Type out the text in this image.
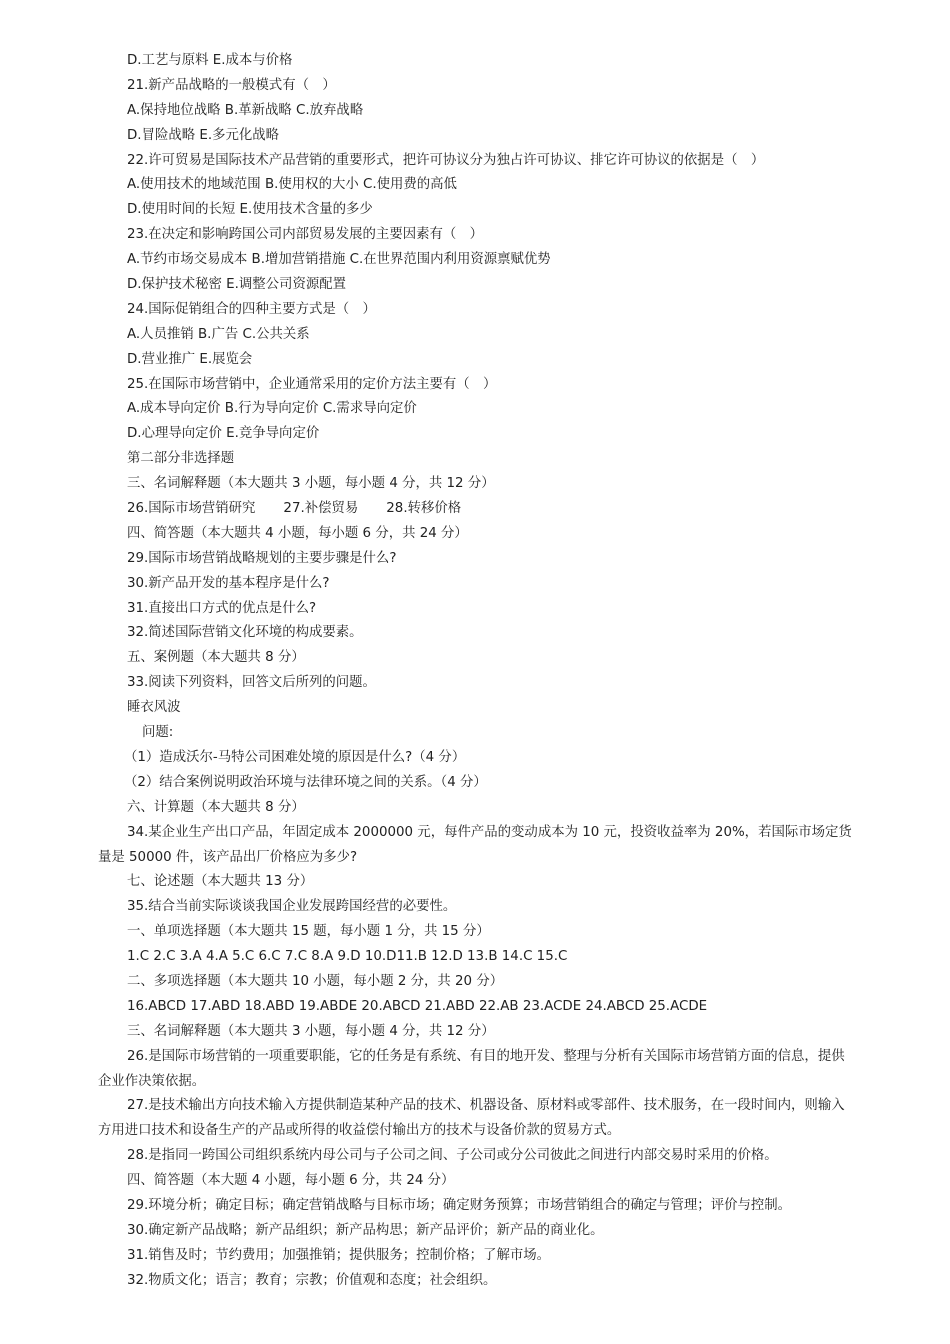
D.工艺与原料 E.成本与价格
21.新产品战略的一般模式有（　）
A.保持地位战略 B.革新战略 C.放弃战略
D.冒险战略 E.多元化战略
22.许可贸易是国际技术产品营销的重要形式，把许可协议分为独占许可协议、排它许可协议的依据是（　）
A.使用技术的地域范围 B.使用权的大小 C.使用费的高低
D.使用时间的长短 E.使用技术含量的多少
23.在决定和影响跨国公司内部贸易发展的主要因素有（　）
A.节约市场交易成本 B.增加营销措施 C.在世界范围内利用资源禀赋优势
D.保护技术秘密 E.调整公司资源配置
24.国际促销组合的四种主要方式是（　）
A.人员推销 B.广告 C.公共关系
D.营业推广 E.展览会
25.在国际市场营销中，企业通常采用的定价方法主要有（　）
A.成本导向定价 B.行为导向定价 C.需求导向定价
D.心理导向定价 E.竞争导向定价
第二部分非选择题
三、名词解释题（本大题共 3 小题，每小题 4 分，共 12 分）
26.国际市场营销研究 27.补偿贸易 28.转移价格
四、简答题（本大题共 4 小题，每小题 6 分，共 24 分）
29.国际市场营销战略规划的主要步骤是什么?
30.新产品开发的基本程序是什么?
31.直接出口方式的优点是什么?
32.简述国际营销文化环境的构成要素。
五、案例题（本大题共 8 分）
33.阅读下列资料，回答文后所列的问题。
睡衣风波
问题:
（1）造成沃尔-马特公司困难处境的原因是什么?（4 分）
（2）结合案例说明政治环境与法律环境之间的关系。（4 分）
六、计算题（本大题共 8 分）
34.某企业生产出口产品，年固定成本 2000000 元，每件产品的变动成本为 10 元，投资收益率为 20%，若国际市场定货量是 50000 件，该产品出厂价格应为多少?
七、论述题（本大题共 13 分）
35.结合当前实际谈谈我国企业发展跨国经营的必要性。
一、单项选择题（本大题共 15 题，每小题 1 分，共 15 分）
1.C 2.C 3.A 4.A 5.C 6.C 7.C 8.A 9.D 10.D11.B 12.D 13.B 14.C 15.C
二、多项选择题（本大题共 10 小题，每小题 2 分，共 20 分）
16.ABCD 17.ABD 18.ABD 19.ABDE 20.ABCD 21.ABD 22.AB 23.ACDE 24.ABCD 25.ACDE
三、名词解释题（本大题共 3 小题，每小题 4 分，共 12 分）
26.是国际市场营销的一项重要职能，它的任务是有系统、有目的地开发、整理与分析有关国际市场营销方面的信息，提供企业作决策依据。
27.是技术输出方向技术输入方提供制造某种产品的技术、机器设备、原材料或零部件、技术服务，在一段时间内，则输入方用进口技术和设备生产的产品或所得的收益偿付输出方的技术与设备价款的贸易方式。
28.是指同一跨国公司组织系统内母公司与子公司之间、子公司或分公司彼此之间进行内部交易时采用的价格。
四、简答题（本大题 4 小题，每小题 6 分，共 24 分）
29.环境分析；确定目标；确定营销战略与目标市场；确定财务预算；市场营销组合的确定与管理；评价与控制。
30.确定新产品战略；新产品组织；新产品构思；新产品评价；新产品的商业化。
31.销售及时；节约费用；加强推销；提供服务；控制价格；了解市场。
32.物质文化；语言；教育；宗教；价值观和态度；社会组织。
